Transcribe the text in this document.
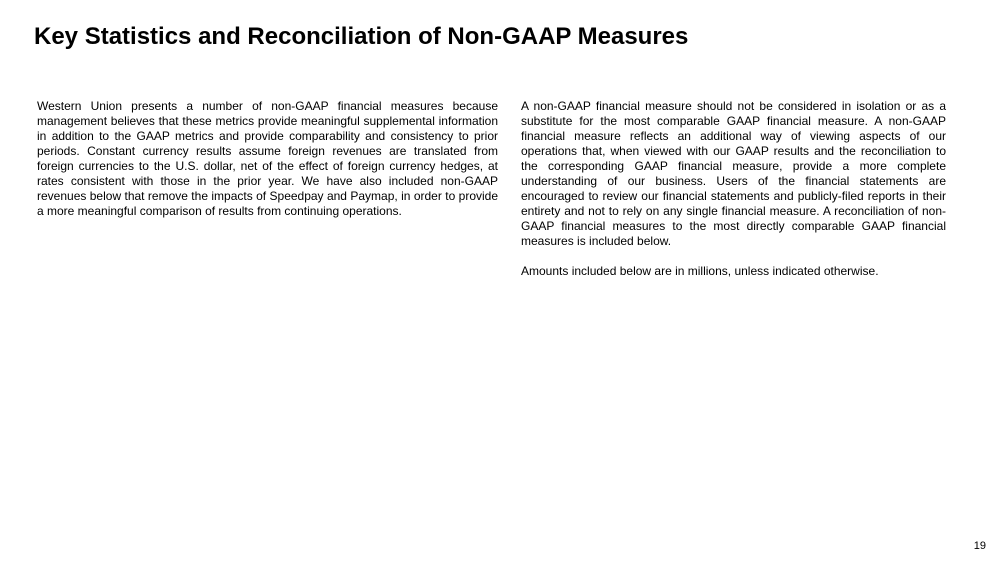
Key Statistics and Reconciliation of Non-GAAP Measures

Western Union presents a number of non-GAAP financial measures because management believes that these metrics provide meaningful supplemental information in addition to the GAAP metrics and provide comparability and consistency to prior periods. Constant currency results assume foreign revenues are translated from foreign currencies to the U.S. dollar, net of the effect of foreign currency hedges, at rates consistent with those in the prior year. We have also included non-GAAP revenues below that remove the impacts of Speedpay and Paymap, in order to provide a more meaningful comparison of results from continuing operations.

A non-GAAP financial measure should not be considered in isolation or as a substitute for the most comparable GAAP financial measure. A non-GAAP financial measure reflects an additional way of viewing aspects of our operations that, when viewed with our GAAP results and the reconciliation to the corresponding GAAP financial measure, provide a more complete understanding of our business. Users of the financial statements are encouraged to review our financial statements and publicly-filed reports in their entirety and not to rely on any single financial measure. A reconciliation of non-GAAP financial measures to the most directly comparable GAAP financial measures is included below.

Amounts included below are in millions, unless indicated otherwise.

19
